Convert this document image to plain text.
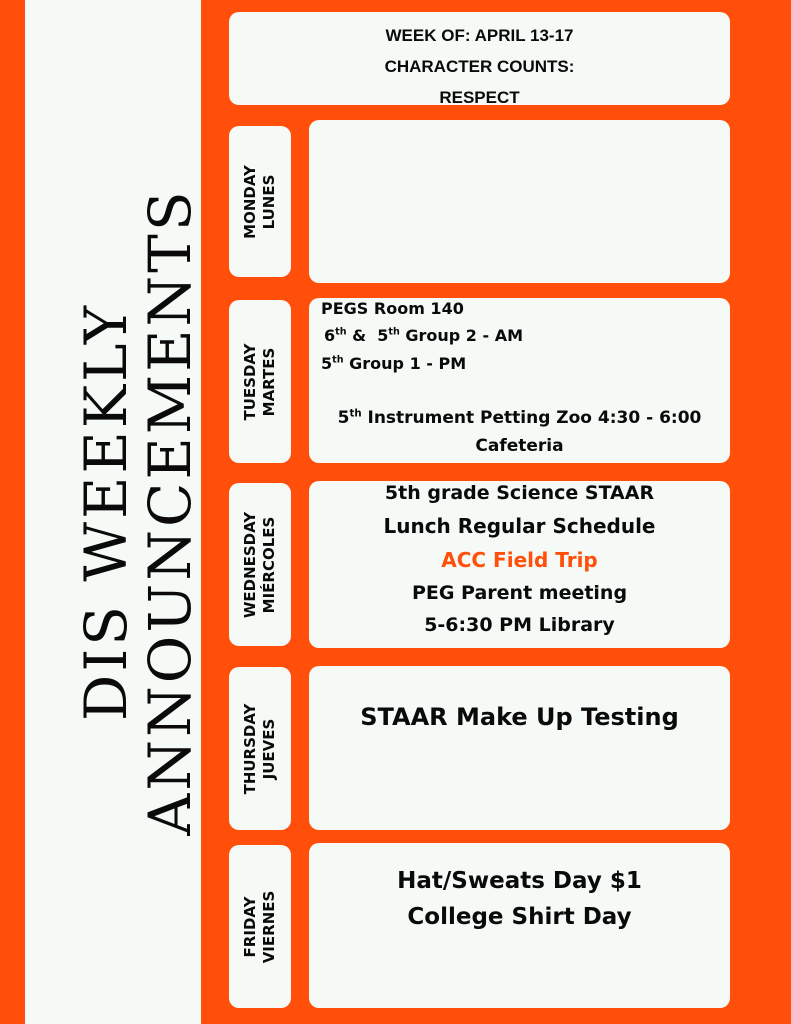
DIS WEEKLY
ANNOUNCEMENTS
WEEK OF: APRIL 13-17
CHARACTER COUNTS:
RESPECT
MONDAY LUNES
TUESDAY MARTES
PEGS Room 140
6th &  5th Group 2 - AM
5th Group 1 - PM
5th Instrument Petting Zoo 4:30 - 6:00
Cafeteria
WEDNESDAY MIÉRCOLES
5th grade Science STAAR
Lunch Regular Schedule
ACC Field Trip
PEG Parent meeting
5-6:30 PM Library
THURSDAY JUEVES
STAAR Make Up Testing
FRIDAY VIERNES
Hat/Sweats Day $1
College Shirt Day
